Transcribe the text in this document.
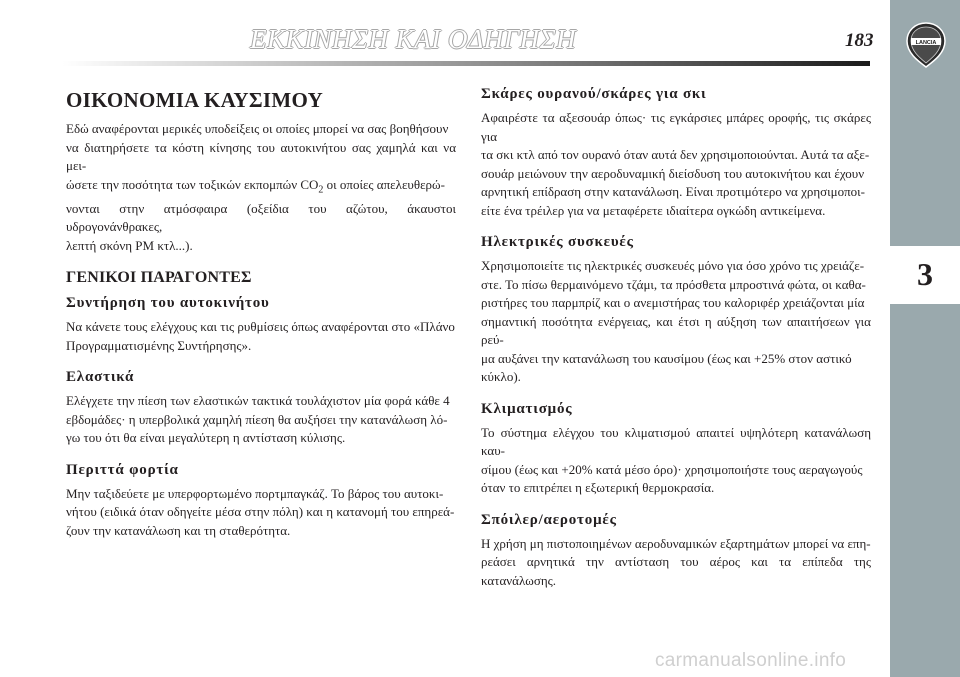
LANCIA
3
ΕΚΚΙΝΗΣΗ ΚΑΙ ΟΔΗΓΗΣΗ	183
ΟΙΚΟΝΟΜΙΑ ΚΑΥΣΙΜΟΥ

Εδώ αναφέρονται μερικές υποδείξεις οι οποίες μπορεί να σας βοηθήσουν
να διατηρήσετε τα κόστη κίνησης του αυτοκινήτου σας χαμηλά και να μει-
ώσετε την ποσότητα των τοξικών εκπομπών $CO_2$ οι οποίες απελευθερώ-
νονται στην ατμόσφαιρα (οξείδια του αζώτου, άκαυστοι υδρογονάνθρακες,
λεπτή σκόνη PM κτλ...).

ΓΕΝΙΚΟΙ ΠΑΡΑΓΟΝΤΕΣ
Συντήρηση του αυτοκινήτου

Να κάνετε τους ελέγχους και τις ρυθμίσεις όπως αναφέρονται στο «Πλάνο
Προγραμματισμένης Συντήρησης».

Ελαστικά

Ελέγχετε την πίεση των ελαστικών τακτικά τουλάχιστον μία φορά κάθε 4
εβδομάδες· η υπερβολικά χαμηλή πίεση θα αυξήσει την κατανάλωση λό-
γω του ότι θα είναι μεγαλύτερη η αντίσταση κύλισης.

Περιττά φορτία

Μην ταξιδεύετε με υπερφορτωμένο πορτμπαγκάζ. Το βάρος του αυτοκι-
νήτου (ειδικά όταν οδηγείτε μέσα στην πόλη) και η κατανομή του επηρεά-
ζουν την κατανάλωση και τη σταθερότητα.

Σκάρες ουρανού/σκάρες για σκι

Αφαιρέστε τα αξεσουάρ όπως· τις εγκάρσιες μπάρες οροφής, τις σκάρες για
τα σκι κτλ από τον ουρανό όταν αυτά δεν χρησιμοποιούνται. Αυτά τα αξε-
σουάρ μειώνουν την αεροδυναμική διείσδυση του αυτοκινήτου και έχουν
αρνητική επίδραση στην κατανάλωση. Είναι προτιμότερο να χρησιμοποι-
είτε ένα τρέιλερ για να μεταφέρετε ιδιαίτερα ογκώδη αντικείμενα.

Ηλεκτρικές συσκευές

Χρησιμοποιείτε τις ηλεκτρικές συσκευές μόνο για όσο χρόνο τις χρειάζε-
στε. Το πίσω θερμαινόμενο τζάμι, τα πρόσθετα μπροστινά φώτα, οι καθα-
ριστήρες του παρμπρίζ και ο ανεμιστήρας του καλοριφέρ χρειάζονται μία
σημαντική ποσότητα ενέργειας, και έτσι η αύξηση των απαιτήσεων για ρεύ-
μα αυξάνει την κατανάλωση του καυσίμου (έως και +25% στον αστικό
κύκλο).

Κλιματισμός

Το σύστημα ελέγχου του κλιματισμού απαιτεί υψηλότερη κατανάλωση καυ-
σίμου (έως και +20% κατά μέσο όρο)· χρησιμοποιήστε τους αεραγωγούς
όταν το επιτρέπει η εξωτερική θερμοκρασία.

Σπόιλερ/αεροτομές

Η χρήση μη πιστοποιημένων αεροδυναμικών εξαρτημάτων μπορεί να επη-
ρεάσει αρνητικά την αντίσταση του αέρος και τα επίπεδα της κατανάλωσης.

carmanualsonline.info
